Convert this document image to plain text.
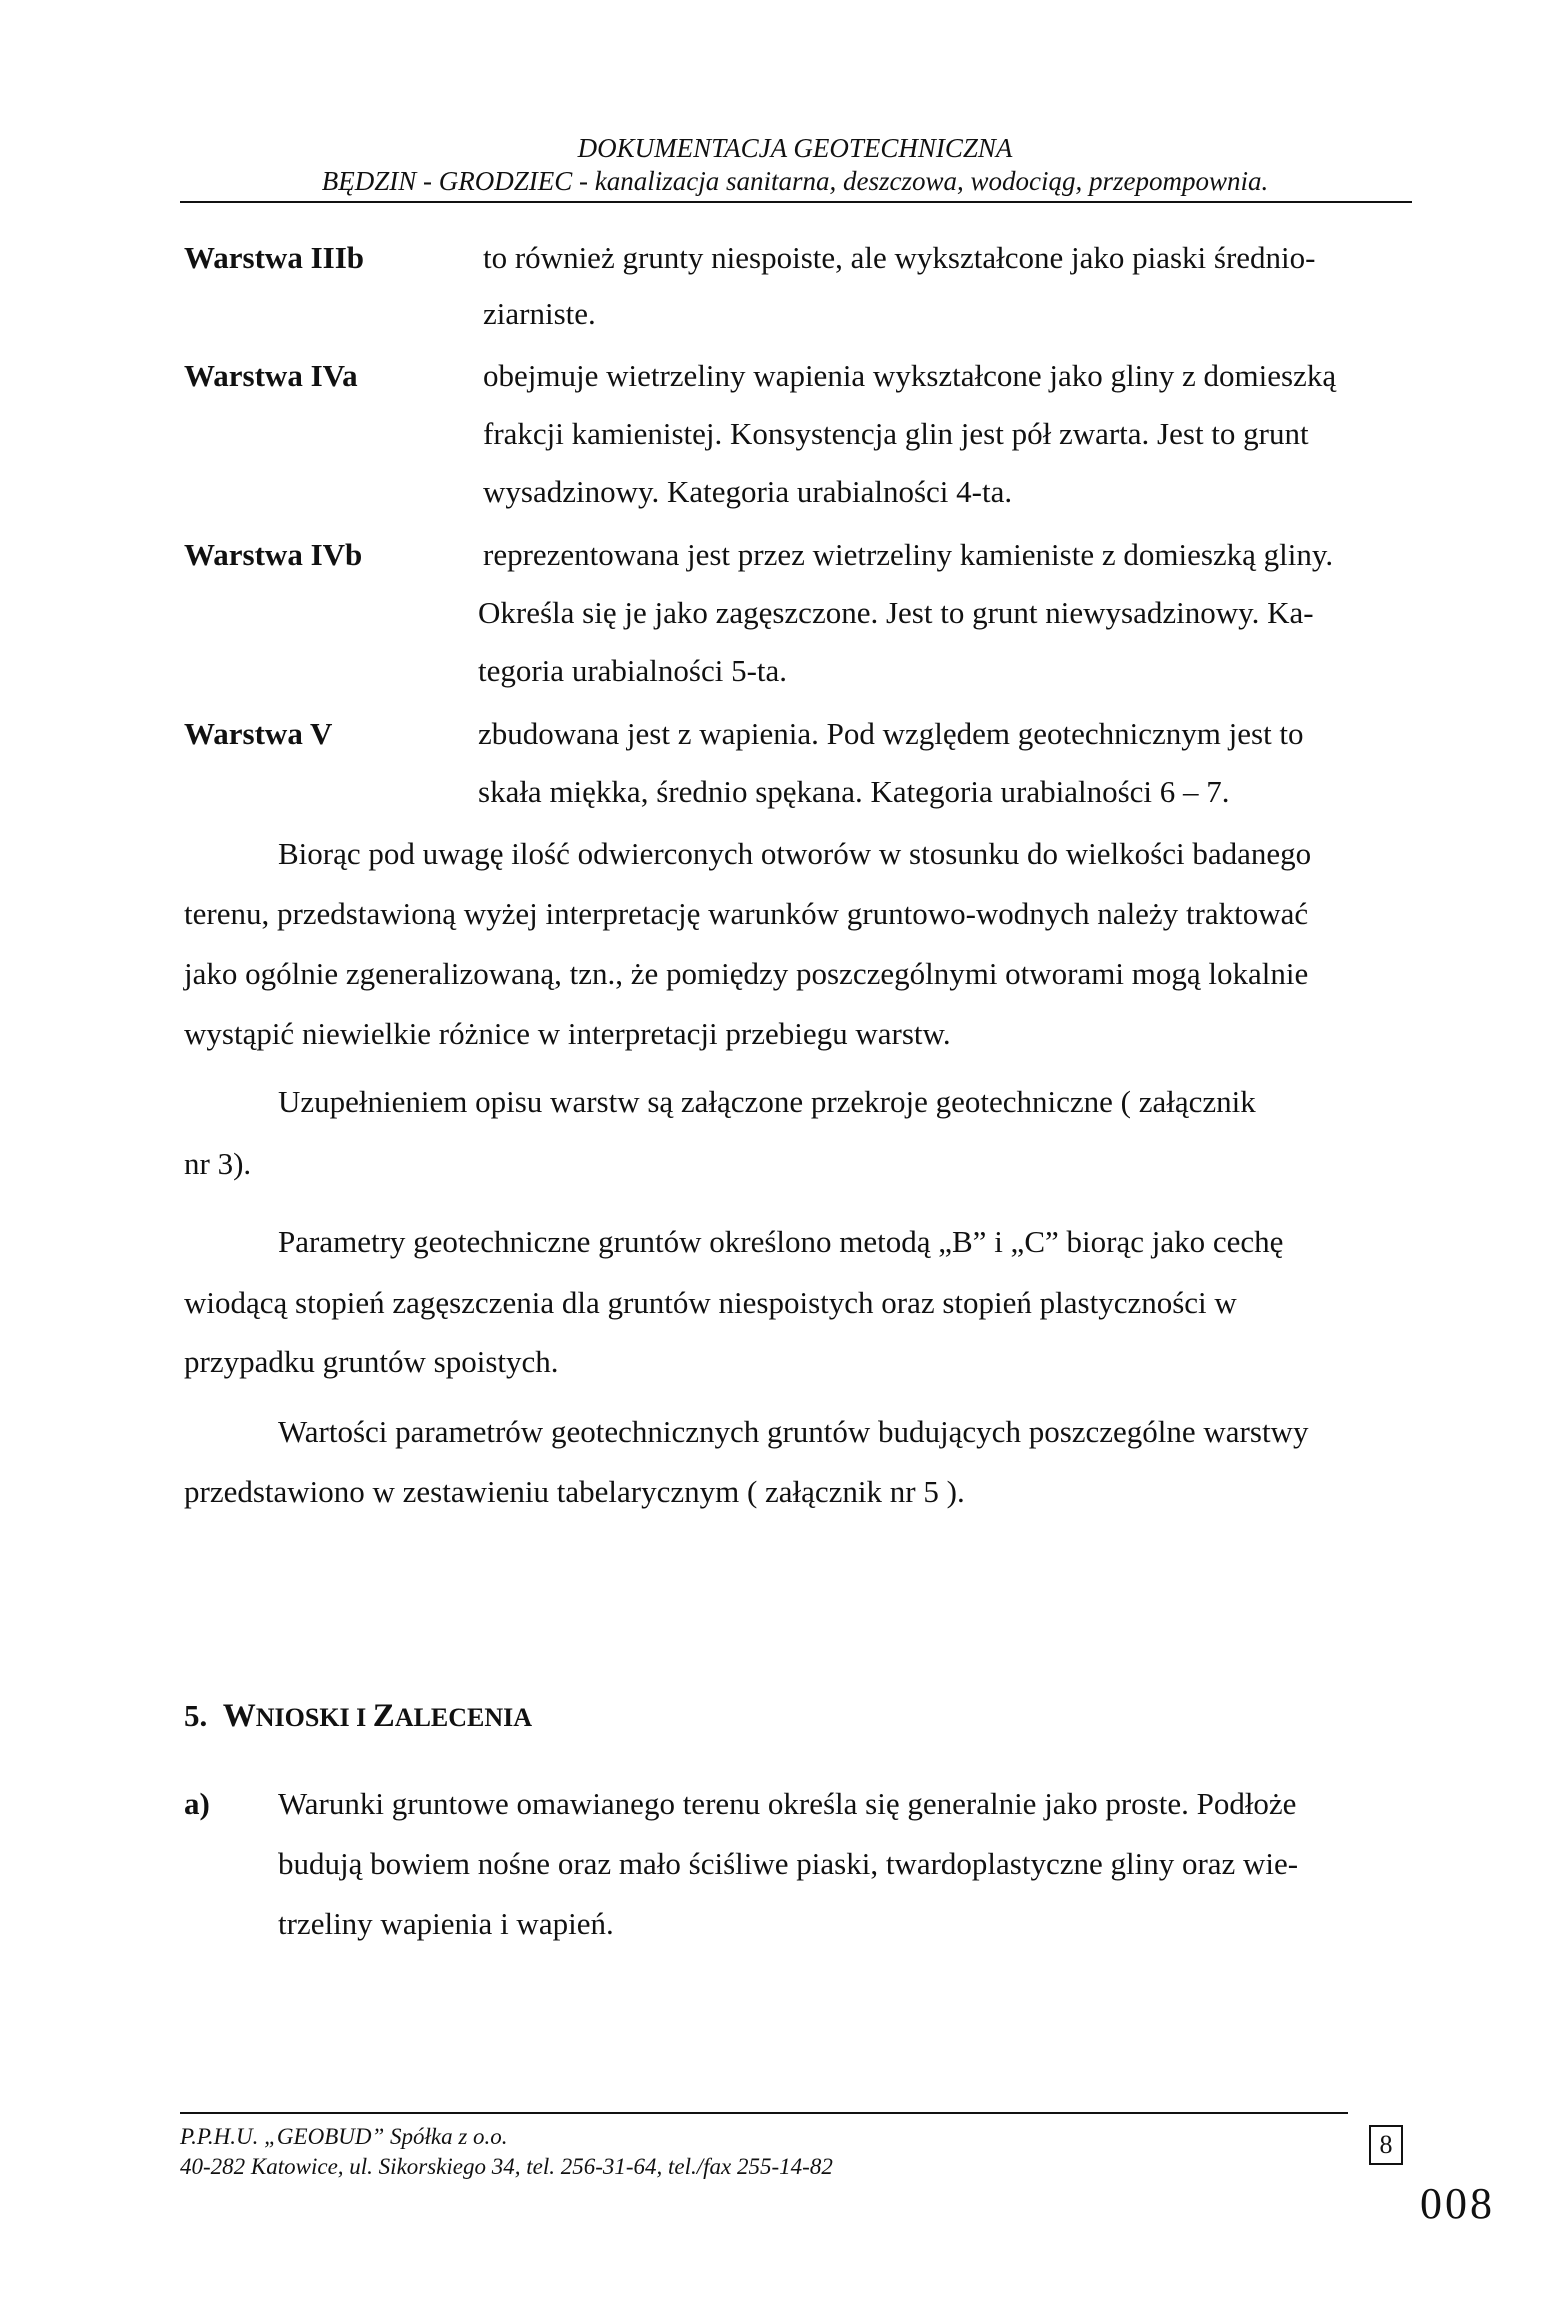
DOKUMENTACJA GEOTECHNICZNA
BĘDZIN - GRODZIEC - kanalizacja sanitarna, deszczowa, wodociąg, przepompownia.
Warstwa IIIb	to również grunty niespoiste, ale wykształcone jako piaski średnio-
ziarniste.
Warstwa IVa	obejmuje wietrzeliny wapienia wykształcone jako gliny z domieszką
frakcji kamienistej. Konsystencja glin jest pół zwarta. Jest to grunt
wysadzinowy. Kategoria urabialności 4-ta.
Warstwa IVb	reprezentowana jest przez wietrzeliny kamieniste z domieszką gliny.
Określa się je jako zagęszczone. Jest to grunt niewysadzinowy. Ka-
tegoria urabialności 5-ta.
Warstwa V	zbudowana jest z wapienia. Pod względem geotechnicznym jest to
skała miękka, średnio spękana. Kategoria urabialności 6 – 7.
Biorąc pod uwagę ilość odwierconych otworów w stosunku do wielkości badanego
terenu, przedstawioną wyżej interpretację warunków gruntowo-wodnych należy traktować
jako ogólnie zgeneralizowaną, tzn., że pomiędzy poszczególnymi otworami mogą lokalnie
wystąpić niewielkie różnice w interpretacji przebiegu warstw.
Uzupełnieniem opisu warstw są załączone przekroje geotechniczne ( załącznik
nr 3).
Parametry geotechniczne gruntów określono metodą „B” i „C” biorąc jako cechę
wiodącą stopień zagęszczenia dla gruntów niespoistych oraz stopień plastyczności w
przypadku gruntów spoistych.
Wartości parametrów geotechnicznych gruntów budujących poszczególne warstwy
przedstawiono w zestawieniu tabelarycznym ( załącznik nr 5 ).
5. WNIOSKI I ZALECENIA
a) Warunki gruntowe omawianego terenu określa się generalnie jako proste. Podłoże
budują bowiem nośne oraz mało ściśliwe piaski, twardoplastyczne gliny oraz wie-
trzeliny wapienia i wapień.
P.P.H.U. „GEOBUD” Spółka z o.o.
40-282 Katowice, ul. Sikorskiego 34, tel. 256-31-64, tel./fax 255-14-82
8
008
